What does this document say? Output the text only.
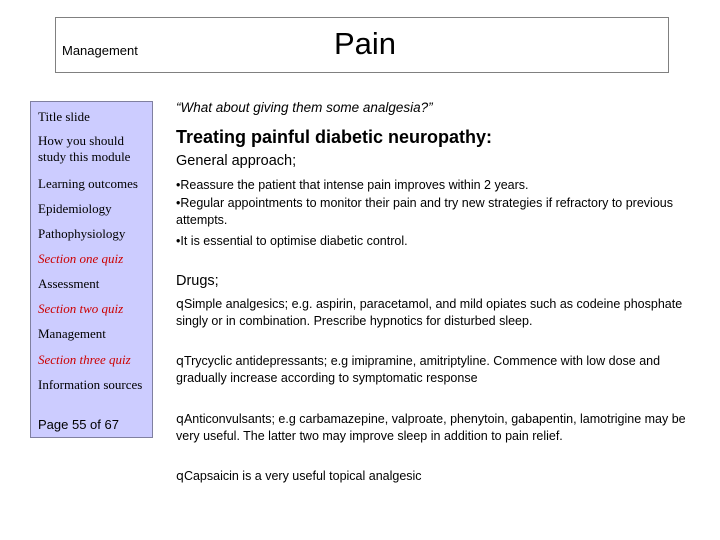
Management	Pain
Title slide
How you should study this module
Learning outcomes
Epidemiology
Pathophysiology
Section one quiz
Assessment
Section two quiz
Management
Section three quiz
Information sources
Page 55 of 67
“What about giving them some analgesia?”
Treating painful diabetic neuropathy:
General approach;
•Reassure the patient that intense pain improves within 2 years.
•Regular appointments to monitor their pain and try new strategies if refractory to previous attempts.
•It is essential to optimise diabetic control.
Drugs;
qSimple analgesics; e.g. aspirin, paracetamol, and mild opiates such as codeine phosphate singly or in combination. Prescribe hypnotics for disturbed sleep.
qTrycyclic antidepressants; e.g imipramine, amitriptyline. Commence with low dose and gradually increase according to symptomatic response
qAnticonvulsants; e.g carbamazepine, valproate, phenytoin, gabapentin, lamotrigine may be very useful. The latter two may improve sleep in addition to pain relief.
qCapsaicin is a very useful topical analgesic
